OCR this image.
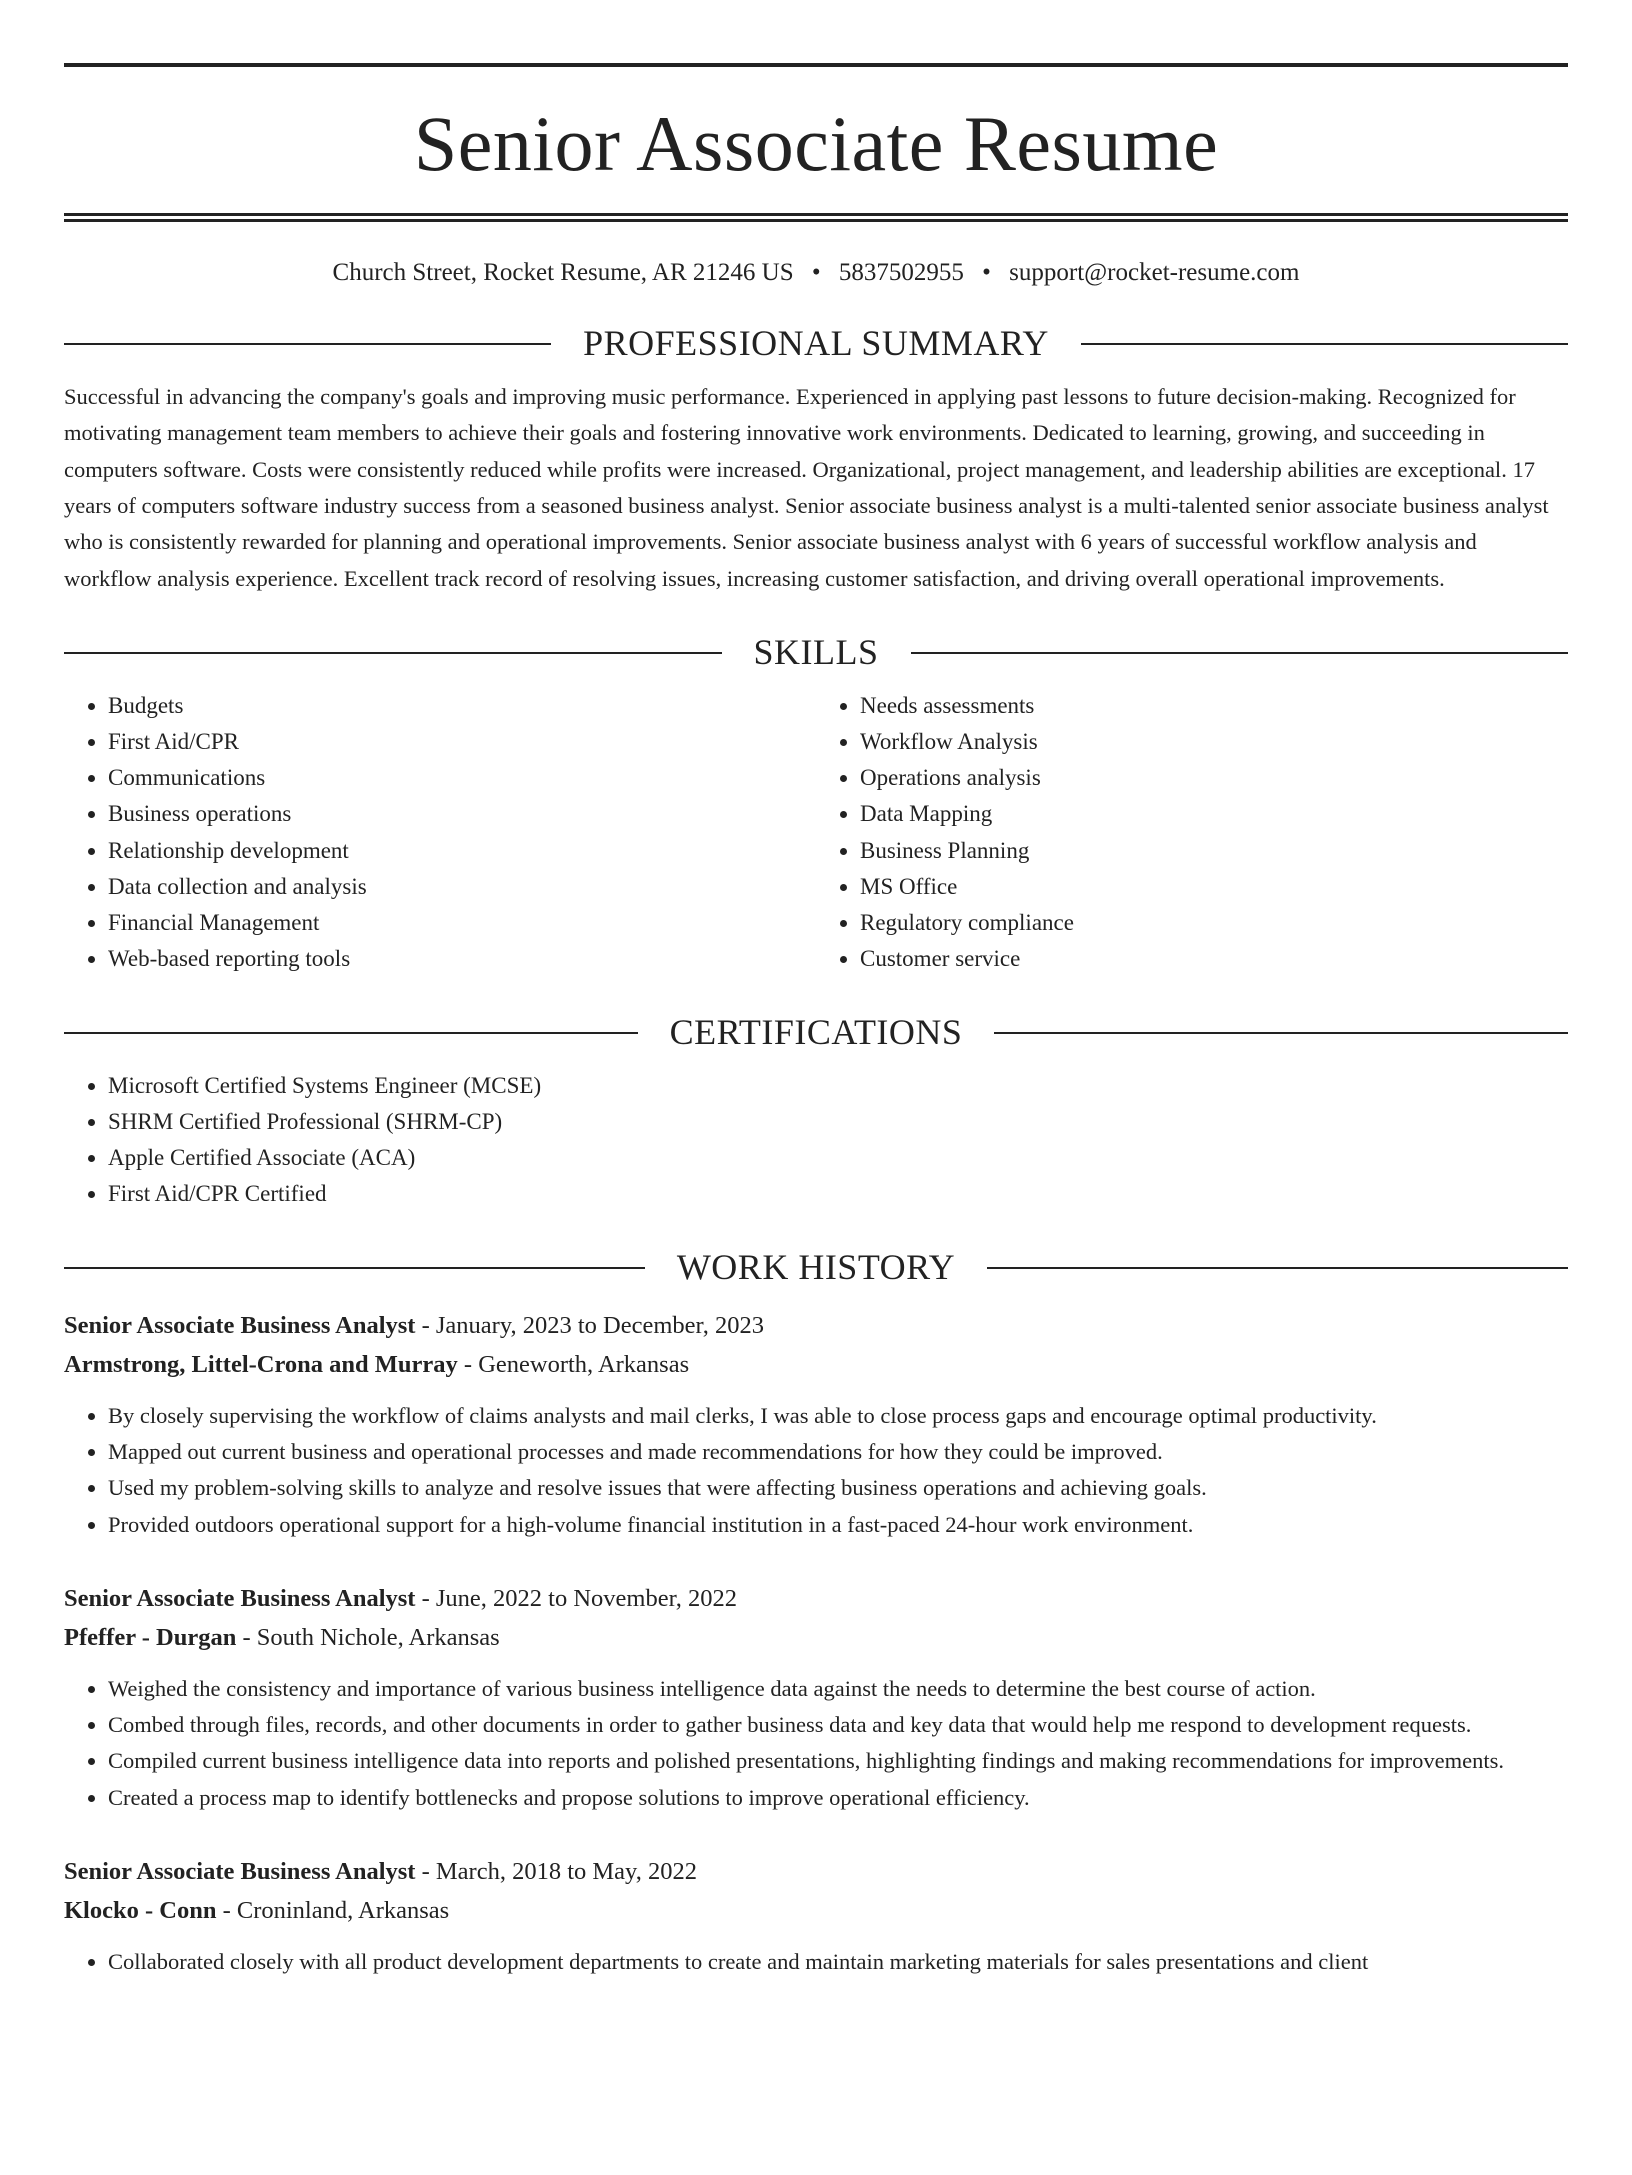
Senior Associate Resume
Church Street, Rocket Resume, AR 21246 US • 5837502955 • support@rocket-resume.com
PROFESSIONAL SUMMARY

Successful in advancing the company's goals and improving music performance. Experienced in applying past lessons to future decision-making. Recognized for motivating management team members to achieve their goals and fostering innovative work environments. Dedicated to learning, growing, and succeeding in computers software. Costs were consistently reduced while profits were increased. Organizational, project management, and leadership abilities are exceptional. 17 years of computers software industry success from a seasoned business analyst. Senior associate business analyst is a multi-talented senior associate business analyst who is consistently rewarded for planning and operational improvements. Senior associate business analyst with 6 years of successful workflow analysis and workflow analysis experience. Excellent track record of resolving issues, increasing customer satisfaction, and driving overall operational improvements.

SKILLS
• Budgets
• First Aid/CPR
• Communications
• Business operations
• Relationship development
• Data collection and analysis
• Financial Management
• Web-based reporting tools
• Needs assessments
• Workflow Analysis
• Operations analysis
• Data Mapping
• Business Planning
• MS Office
• Regulatory compliance
• Customer service
CERTIFICATIONS
• Microsoft Certified Systems Engineer (MCSE)
• SHRM Certified Professional (SHRM-CP)
• Apple Certified Associate (ACA)
• First Aid/CPR Certified
WORK HISTORY
Senior Associate Business Analyst - January, 2023 to December, 2023
Armstrong, Littel-Crona and Murray - Geneworth, Arkansas
• By closely supervising the workflow of claims analysts and mail clerks, I was able to close process gaps and encourage optimal productivity.
• Mapped out current business and operational processes and made recommendations for how they could be improved.
• Used my problem-solving skills to analyze and resolve issues that were affecting business operations and achieving goals.
• Provided outdoors operational support for a high-volume financial institution in a fast-paced 24-hour work environment.
Senior Associate Business Analyst - June, 2022 to November, 2022
Pfeffer - Durgan - South Nichole, Arkansas
• Weighed the consistency and importance of various business intelligence data against the needs to determine the best course of action.
• Combed through files, records, and other documents in order to gather business data and key data that would help me respond to development requests.
• Compiled current business intelligence data into reports and polished presentations, highlighting findings and making recommendations for improvements.
• Created a process map to identify bottlenecks and propose solutions to improve operational efficiency.
Senior Associate Business Analyst - March, 2018 to May, 2022
Klocko - Conn - Croninland, Arkansas
• Collaborated closely with all product development departments to create and maintain marketing materials for sales presentations and client
